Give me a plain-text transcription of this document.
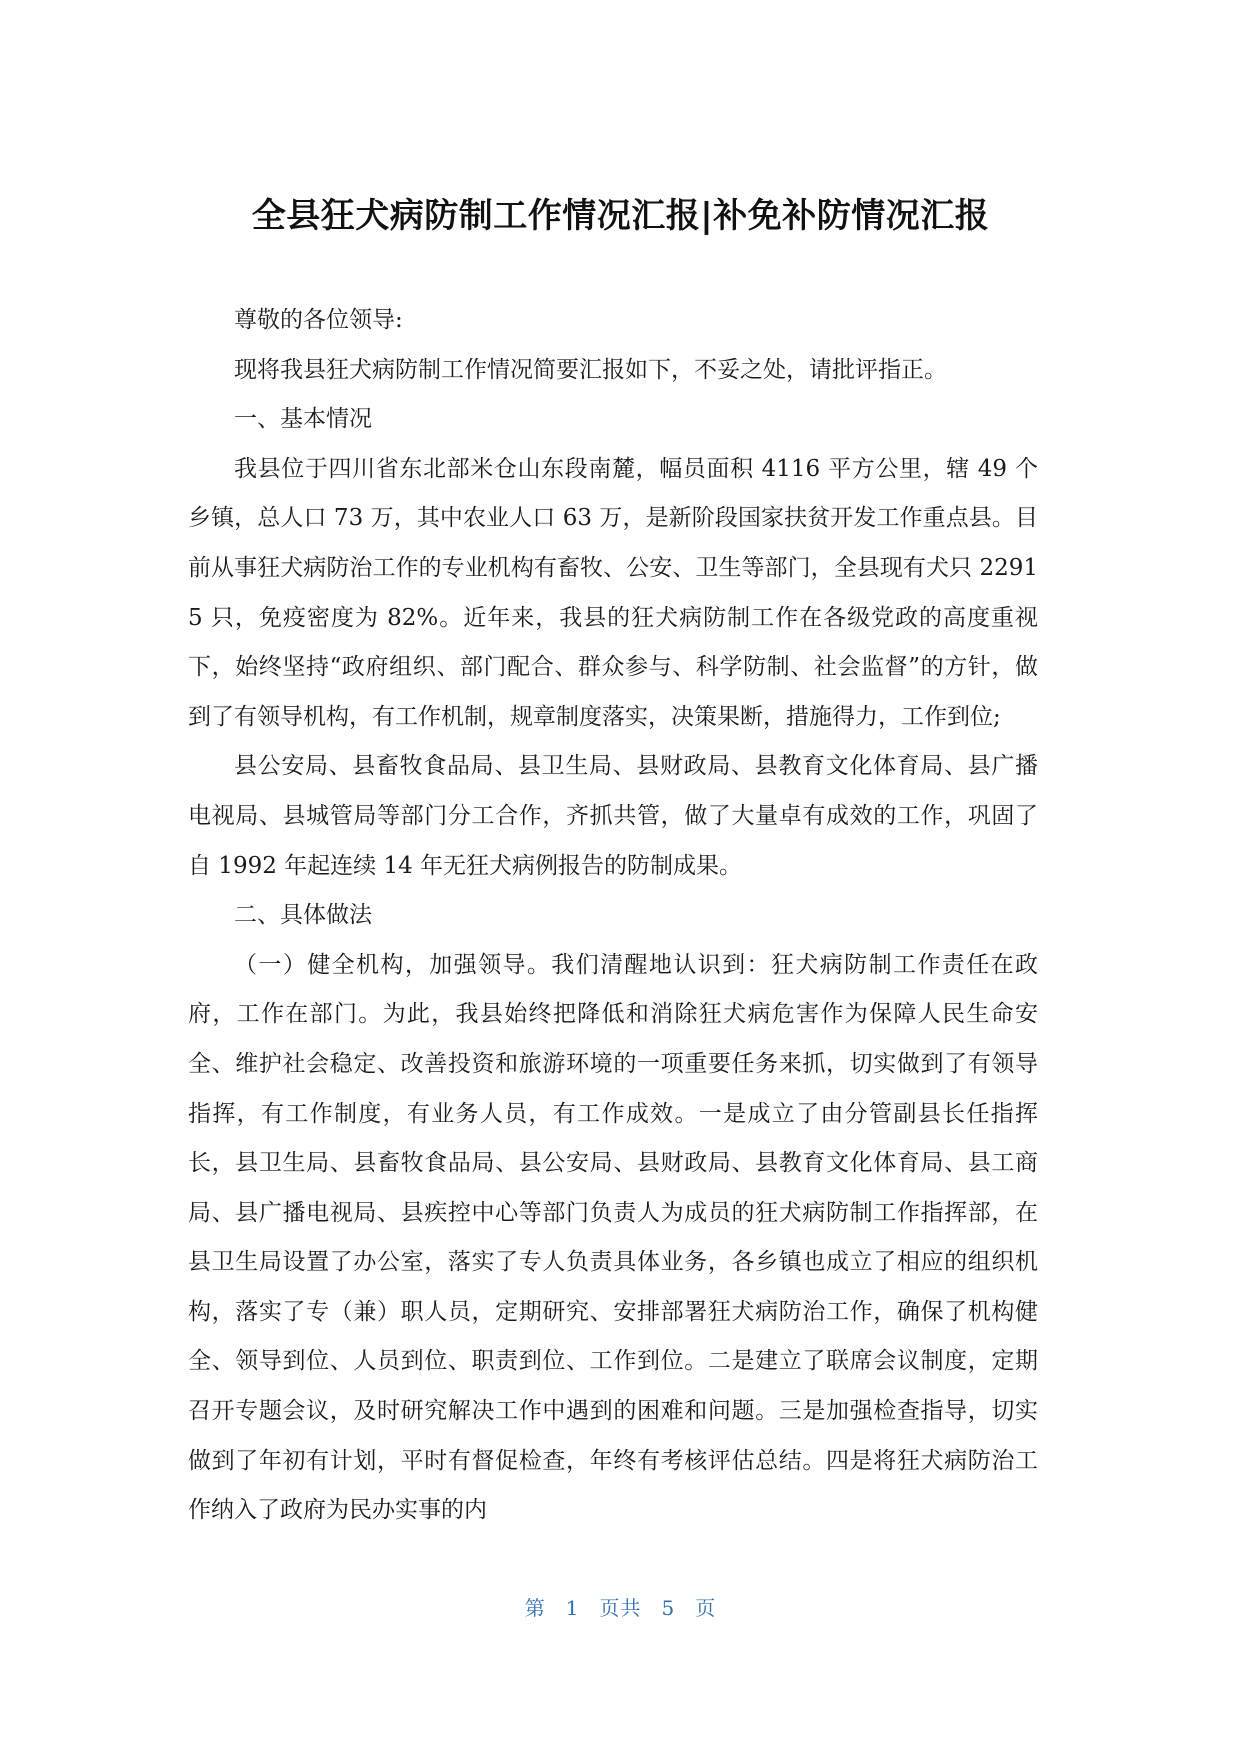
全县狂犬病防制工作情况汇报|补免补防情况汇报

尊敬的各位领导:

现将我县狂犬病防制工作情况简要汇报如下，不妥之处，请批评指正。

一、基本情况

我县位于四川省东北部米仓山东段南麓，幅员面积 4116 平方公里，辖 49 个乡镇，总人口 73 万，其中农业人口 63 万，是新阶段国家扶贫开发工作重点县。目前从事狂犬病防治工作的专业机构有畜牧、公安、卫生等部门，全县现有犬只 22915 只，免疫密度为 82%。近年来，我县的狂犬病防制工作在各级党政的高度重视下，始终坚持“政府组织、部门配合、群众参与、科学防制、社会监督”的方针，做到了有领导机构，有工作机制，规章制度落实，决策果断，措施得力，工作到位;

县公安局、县畜牧食品局、县卫生局、县财政局、县教育文化体育局、县广播电视局、县城管局等部门分工合作，齐抓共管，做了大量卓有成效的工作，巩固了自 1992 年起连续 14 年无狂犬病例报告的防制成果。

二、具体做法

（一）健全机构，加强领导。我们清醒地认识到：狂犬病防制工作责任在政府，工作在部门。为此，我县始终把降低和消除狂犬病危害作为保障人民生命安全、维护社会稳定、改善投资和旅游环境的一项重要任务来抓，切实做到了有领导指挥，有工作制度，有业务人员，有工作成效。一是成立了由分管副县长任指挥长，县卫生局、县畜牧食品局、县公安局、县财政局、县教育文化体育局、县工商局、县广播电视局、县疾控中心等部门负责人为成员的狂犬病防制工作指挥部，在县卫生局设置了办公室，落实了专人负责具体业务，各乡镇也成立了相应的组织机构，落实了专（兼）职人员，定期研究、安排部署狂犬病防治工作，确保了机构健全、领导到位、人员到位、职责到位、工作到位。二是建立了联席会议制度，定期召开专题会议，及时研究解决工作中遇到的困难和问题。三是加强检查指导，切实做到了年初有计划，平时有督促检查，年终有考核评估总结。四是将狂犬病防治工作纳入了政府为民办实事的内

第 1 页共 5 页
